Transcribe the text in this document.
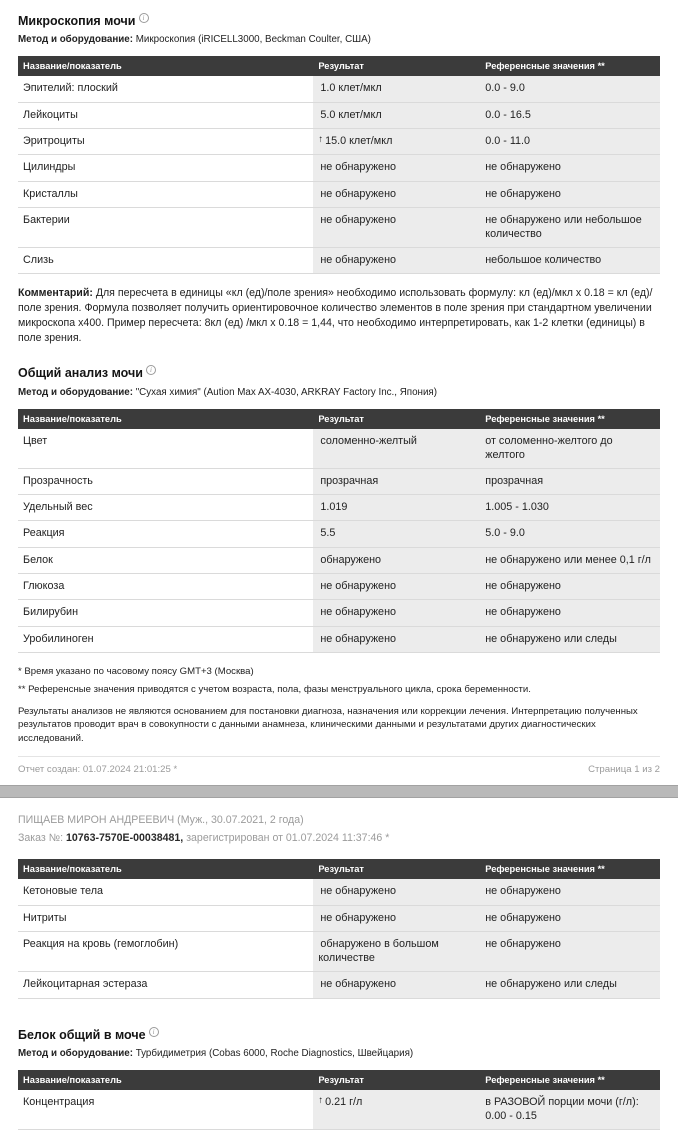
Микроскопия мочиi
Метод и оборудование: Микроскопия (iRICELL3000, Beckman Coulter, США)
Название/показатель	Результат	Референсные значения **
Эпителий: плоский	1.0 клет/мкл	0.0 - 9.0
Лейкоциты	5.0 клет/мкл	0.0 - 16.5
Эритроциты	↑ 15.0 клет/мкл	0.0 - 11.0
Цилиндры	не обнаружено	не обнаружено
Кристаллы	не обнаружено	не обнаружено
Бактерии	не обнаружено	не обнаружено или небольшое количество
Слизь	не обнаружено	небольшое количество

Комментарий: Для пересчета в единицы «кл (ед)/поле зрения» необходимо использовать формулу: кл (ед)/мкл x 0.18 = кл (ед)/поле зрения. Формула позволяет получить ориентировочное количество элементов в поле зрения при стандартном увеличении микроскопа x400. Пример пересчета: 8кл (ед) /мкл x 0.18 = 1,44, что необходимо интерпретировать, как 1-2 клетки (единицы) в поле зрения.

Общий анализ мочиi
Метод и оборудование: "Сухая химия" (Aution Max AX-4030, ARKRAY Factory Inc., Япония)
Название/показатель	Результат	Референсные значения **
Цвет	соломенно-желтый	от соломенно-желтого до желтого
Прозрачность	прозрачная	прозрачная
Удельный вес	1.019	1.005 - 1.030
Реакция	5.5	5.0 - 9.0
Белок	обнаружено	не обнаружено или менее 0,1 г/л
Глюкоза	не обнаружено	не обнаружено
Билирубин	не обнаружено	не обнаружено
Уробилиноген	не обнаружено	не обнаружено или следы

* Время указано по часовому поясу GMT+3 (Москва)

** Референсные значения приводятся с учетом возраста, пола, фазы менструального цикла, срока беременности.

Результаты анализов не являются основанием для постановки диагноза, назначения или коррекции лечения. Интерпретацию полученных результатов проводит врач в совокупности с данными анамнеза, клиническими данными и результатами других диагностических исследований.

Отчет создан: 01.07.2024 21:01:25 *	Страница 1 из 2
ПИЩАЕВ МИРОН АНДРЕЕВИЧ (Муж., 30.07.2021, 2 года)
Заказ №: 10763-7570E-00038481, зарегистрирован от 01.07.2024 11:37:46 *
Название/показатель	Результат	Референсные значения **
Кетоновые тела	не обнаружено	не обнаружено
Нитриты	не обнаружено	не обнаружено
Реакция на кровь (гемоглобин)	обнаружено в большом количестве	не обнаружено
Лейкоцитарная эстераза	не обнаружено	не обнаружено или следы
Белок общий в мочеi
Метод и оборудование: Турбидиметрия (Cobas 6000, Roche Diagnostics, Швейцария)
Название/показатель	Результат	Референсные значения **
Концентрация	↑ 0.21 г/л	в РАЗОВОЙ порции мочи (г/л): 0.00 - 0.15
